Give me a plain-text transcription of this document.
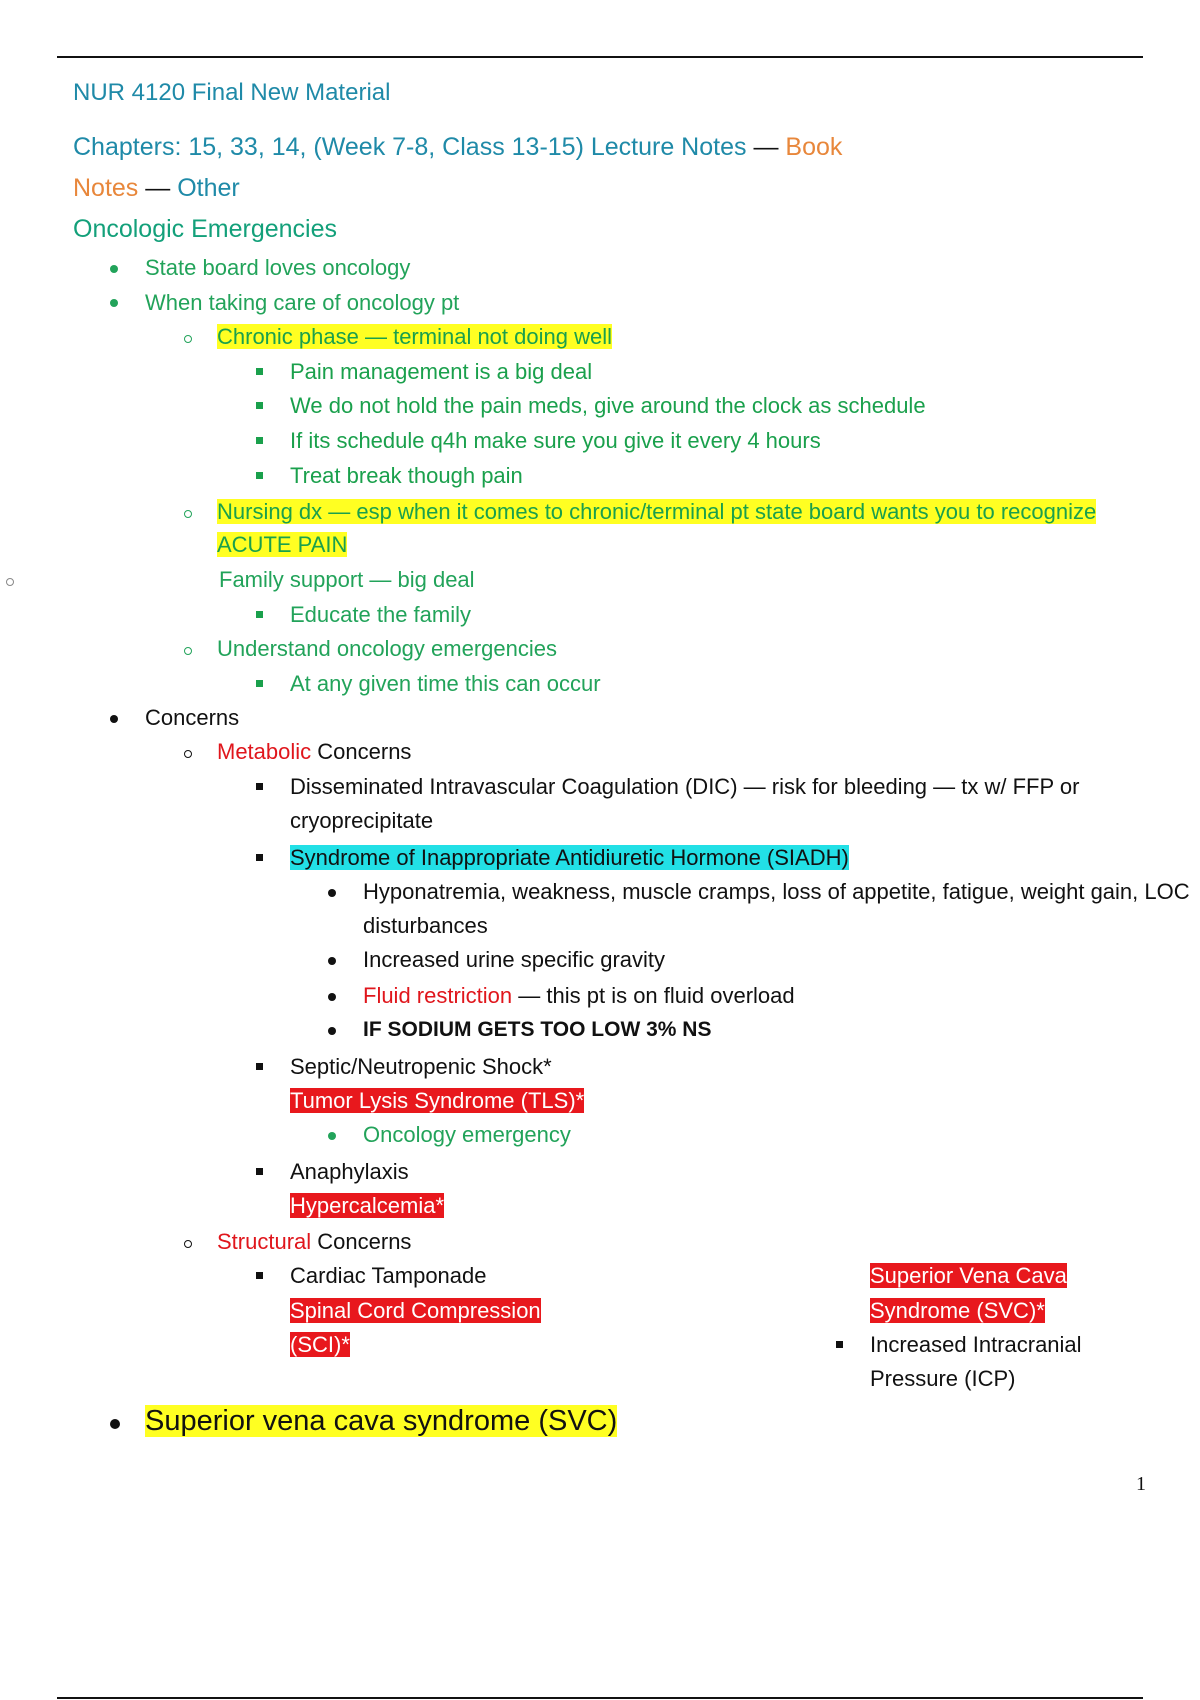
NUR 4120 Final New Material
Chapters: 15, 33, 14, (Week 7-8, Class 13-15) Lecture Notes — Book
Notes — Other
Oncologic Emergencies
State board loves oncology
When taking care of oncology pt
Chronic phase — terminal not doing well
Pain management is a big deal
We do not hold the pain meds, give around the clock as schedule
If its schedule q4h make sure you give it every 4 hours
Treat break though pain
Nursing dx — esp when it comes to chronic/terminal pt state board wants you to recognize
ACUTE PAIN
Family support — big deal
Educate the family
Understand oncology emergencies
At any given time this can occur
Concerns
Metabolic Concerns
Disseminated Intravascular Coagulation (DIC) — risk for bleeding — tx w/ FFP or
cryoprecipitate
Syndrome of Inappropriate Antidiuretic Hormone (SIADH)
Hyponatremia, weakness, muscle cramps, loss of appetite, fatigue, weight gain, LOC
disturbances
Increased urine specific gravity
Fluid restriction — this pt is on fluid overload
IF SODIUM GETS TOO LOW 3% NS
Septic/Neutropenic Shock*
Tumor Lysis Syndrome (TLS)*
Oncology emergency
Anaphylaxis
Hypercalcemia*
Structural Concerns
Cardiac Tamponade
Spinal Cord Compression
(SCI)*
Superior Vena Cava
Syndrome (SVC)*
Increased Intracranial
Pressure (ICP)
Superior vena cava syndrome (SVC)
1
